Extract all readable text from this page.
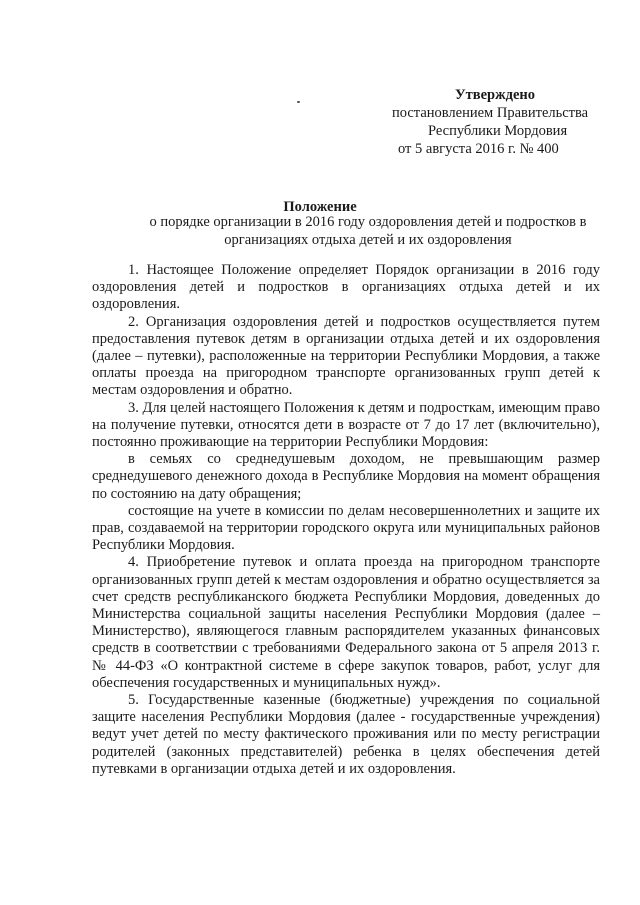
Утверждено
постановлением Правительства
Республики Мордовия
от 5 августа 2016 г. № 400
Положение
о порядке организации в 2016 году оздоровления детей и подростков в организациях отдыха детей и их оздоровления

1. Настоящее Положение определяет Порядок организации в 2016 году оздоровления детей и подростков в организациях отдыха детей и их оздоровления.

2. Организация оздоровления детей и подростков осуществляется путем предоставления путевок детям в организации отдыха детей и их оздоровления (далее – путевки), расположенные на территории Республики Мордовия, а также оплаты проезда на пригородном транспорте организованных групп детей к местам оздоровления и обратно.

3. Для целей настоящего Положения к детям и подросткам, имеющим право на получение путевки, относятся дети в возрасте от 7 до 17 лет (включительно), постоянно проживающие на территории Республики Мордовия:

в семьях со среднедушевым доходом, не превышающим размер среднедушевого денежного дохода в Республике Мордовия на момент обращения по состоянию на дату обращения;

состоящие на учете в комиссии по делам несовершеннолетних и защите их прав, создаваемой на территории городского округа или муниципальных районов Республики Мордовия.

4. Приобретение путевок и оплата проезда на пригородном транспорте организованных групп детей к местам оздоровления и обратно осуществляется за счет средств республиканского бюджета Республики Мордовия, доведенных до Министерства социальной защиты населения Республики Мордовия (далее – Министерство), являющегося главным распорядителем указанных финансовых средств в соответствии с требованиями Федерального закона от 5 апреля 2013 г. № 44-ФЗ «О контрактной системе в сфере закупок товаров, работ, услуг для обеспечения государственных и муниципальных нужд».

5. Государственные казенные (бюджетные) учреждения по социальной защите населения Республики Мордовия (далее - государственные учреждения) ведут учет детей по месту фактического проживания или по месту регистрации родителей (законных представителей) ребенка в целях обеспечения детей путевками в организации отдыха детей и их оздоровления.
